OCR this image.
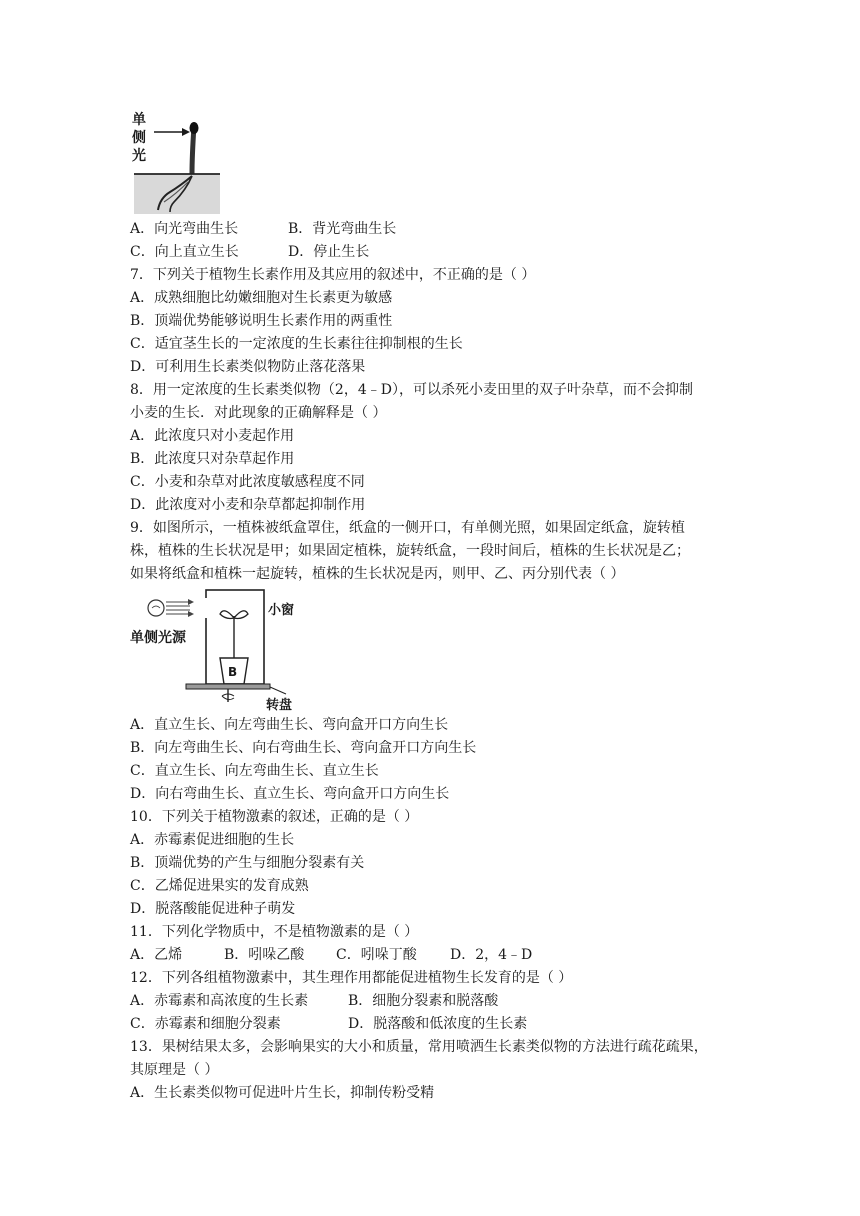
单
侧
光
A．向光弯曲生长	B．背光弯曲生长
C．向上直立生长	D．停止生长
7．下列关于植物生长素作用及其应用的叙述中，不正确的是（ ）
A．成熟细胞比幼嫩细胞对生长素更为敏感
B．顶端优势能够说明生长素作用的两重性
C．适宜茎生长的一定浓度的生长素往往抑制根的生长
D．可利用生长素类似物防止落花落果
8．用一定浓度的生长素类似物（2，4﹣D），可以杀死小麦田里的双子叶杂草，而不会抑制
小麦的生长．对此现象的正确解释是（ ）
A．此浓度只对小麦起作用
B．此浓度只对杂草起作用
C．小麦和杂草对此浓度敏感程度不同
D．此浓度对小麦和杂草都起抑制作用
9．如图所示，一植株被纸盒罩住，纸盒的一侧开口，有单侧光照，如果固定纸盒，旋转植
株，植株的生长状况是甲；如果固定植株，旋转纸盒，一段时间后，植株的生长状况是乙；
如果将纸盒和植株一起旋转，植株的生长状况是丙，则甲、乙、丙分别代表（ ）
单侧光源
小窗
B
转盘
A．直立生长、向左弯曲生长、弯向盒开口方向生长
B．向左弯曲生长、向右弯曲生长、弯向盒开口方向生长
C．直立生长、向左弯曲生长、直立生长
D．向右弯曲生长、直立生长、弯向盒开口方向生长
10．下列关于植物激素的叙述，正确的是（ ）
A．赤霉素促进细胞的生长
B．顶端优势的产生与细胞分裂素有关
C．乙烯促进果实的发育成熟
D．脱落酸能促进种子萌发
11．下列化学物质中，不是植物激素的是（ ）
A．乙烯	B．吲哚乙酸 C．吲哚丁酸 D．2，4﹣D
12．下列各组植物激素中，其生理作用都能促进植物生长发育的是（ ）
A．赤霉素和高浓度的生长素	B．细胞分裂素和脱落酸
C．赤霉素和细胞分裂素	D．脱落酸和低浓度的生长素
13．果树结果太多，会影响果实的大小和质量，常用喷洒生长素类似物的方法进行疏花疏果，
其原理是（ ）
A．生长素类似物可促进叶片生长，抑制传粉受精
